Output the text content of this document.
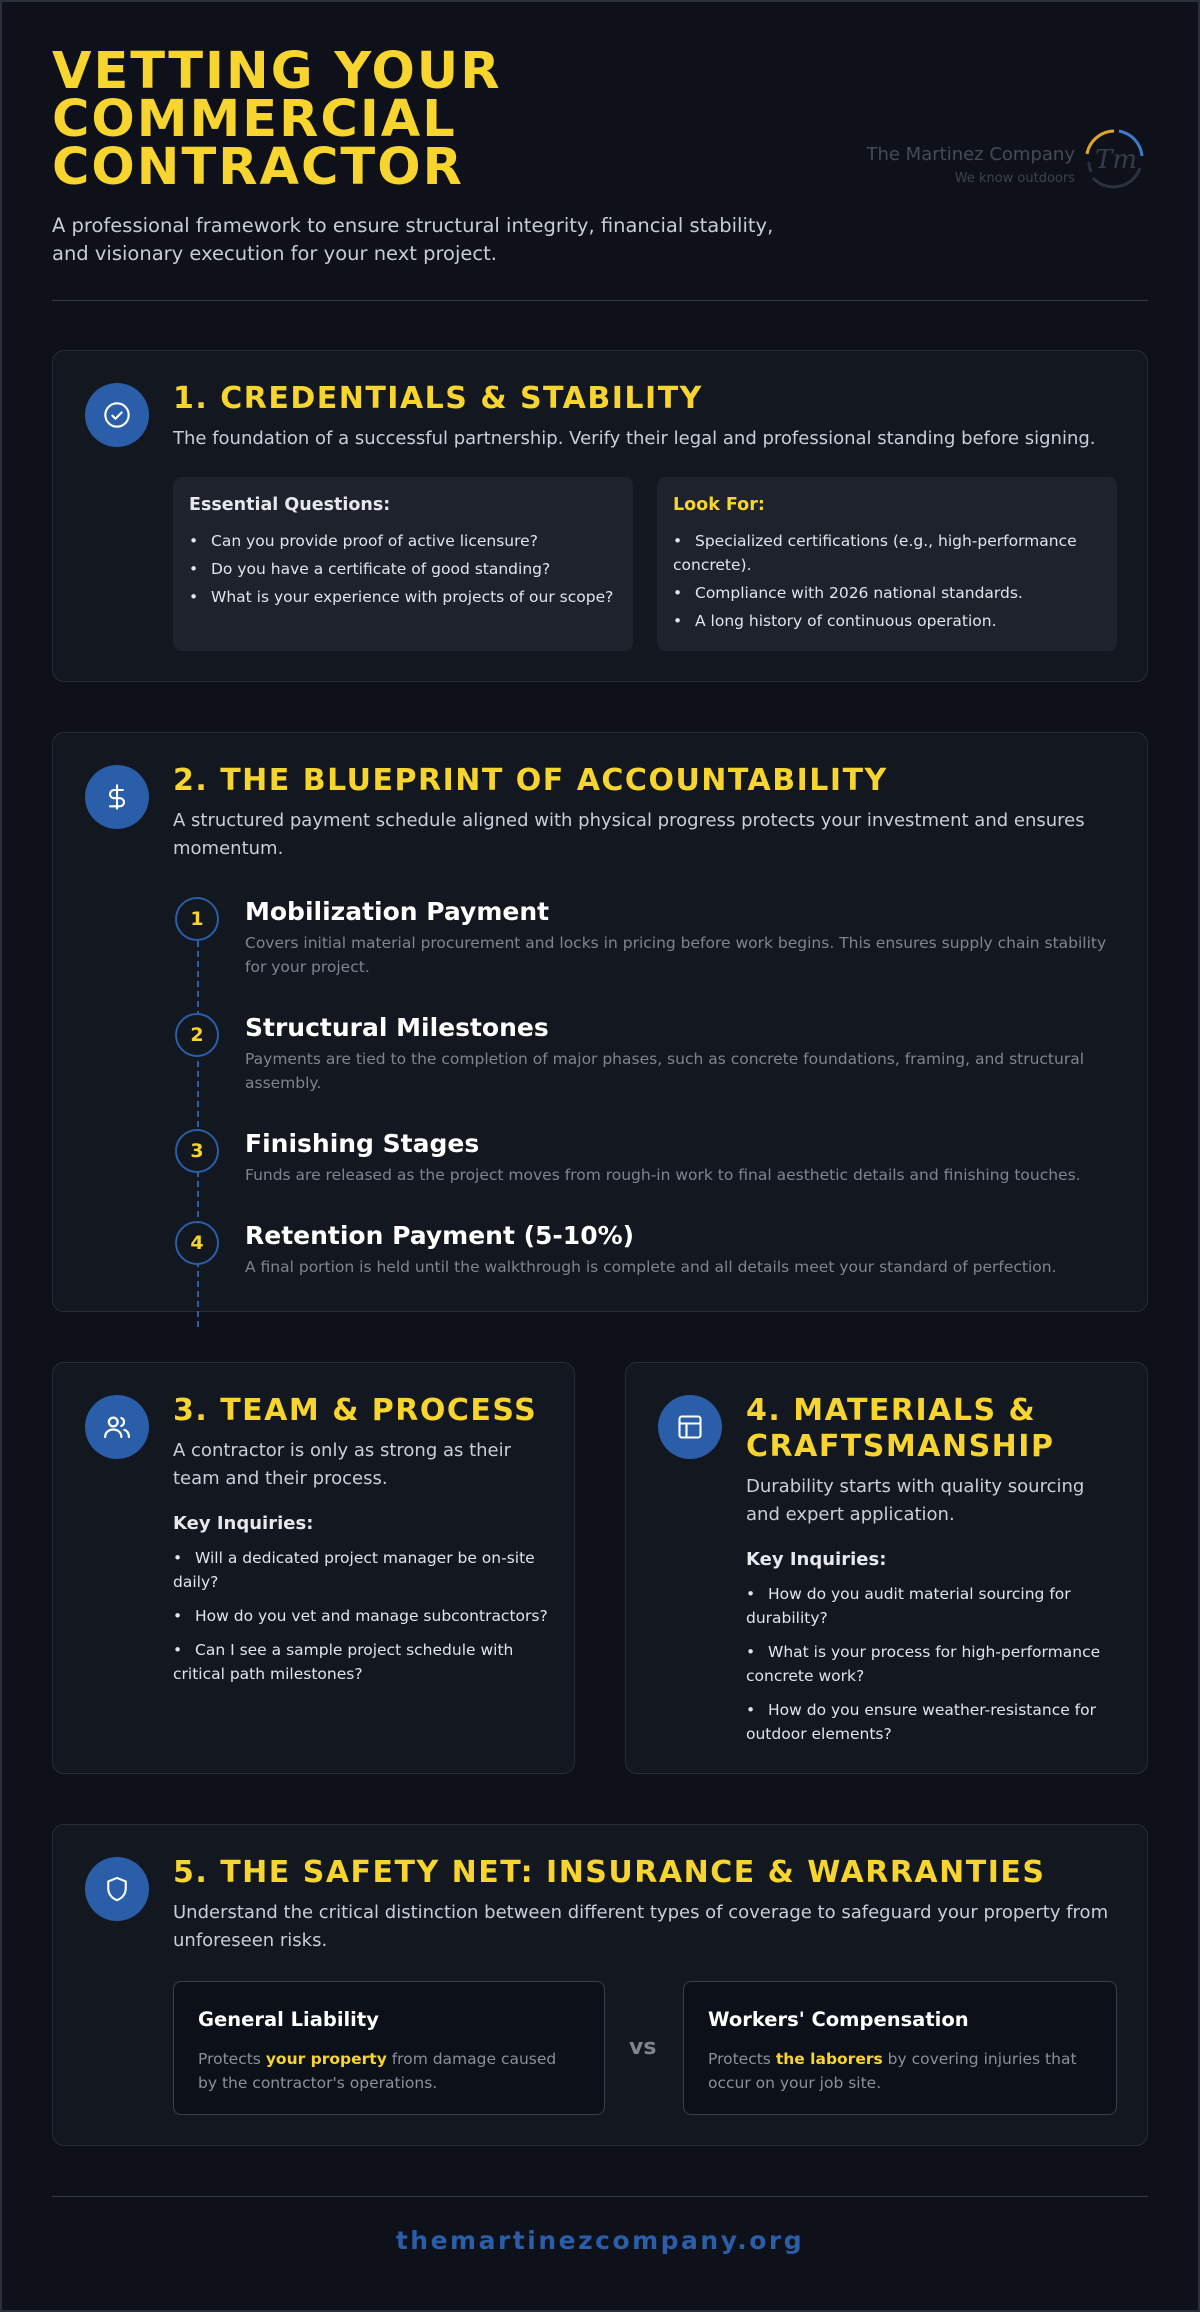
VETTING YOUR COMMERCIAL CONTRACTOR

A professional framework to ensure structural integrity, financial stability, and visionary execution for your next project.

The Martinez Company
We know outdoors
Tm
1. CREDENTIALS & STABILITY

The foundation of a successful partnership. Verify their legal and professional standing before signing.

Essential Questions:
• Can you provide proof of active licensure?
• Do you have a certificate of good standing?
• What is your experience with projects of our scope?
Look For:
• Specialized certifications (e.g., high-performance concrete).
• Compliance with 2026 national standards.
• A long history of continuous operation.
2. THE BLUEPRINT OF ACCOUNTABILITY

A structured payment schedule aligned with physical progress protects your investment and ensures momentum.

1	Mobilization Payment

Covers initial material procurement and locks in pricing before work begins. This ensures supply chain stability for your project.

2	Structural Milestones

Payments are tied to the completion of major phases, such as concrete foundations, framing, and structural assembly.

3	Finishing Stages

Funds are released as the project moves from rough-in work to final aesthetic details and finishing touches.

4	Retention Payment (5-10%)

A final portion is held until the walkthrough is complete and all details meet your standard of perfection.

3. TEAM & PROCESS

A contractor is only as strong as their team and their process.

Key Inquiries:
• Will a dedicated project manager be on-site daily?
• How do you vet and manage subcontractors?
• Can I see a sample project schedule with critical path milestones?
4. MATERIALS & CRAFTSMANSHIP

Durability starts with quality sourcing and expert application.

Key Inquiries:
• How do you audit material sourcing for durability?
• What is your process for high-performance concrete work?
• How do you ensure weather-resistance for outdoor elements?
5. THE SAFETY NET: INSURANCE & WARRANTIES

Understand the critical distinction between different types of coverage to safeguard your property from unforeseen risks.

General Liability

Protects your property from damage caused by the contractor's operations.

vs
Workers' Compensation

Protects the laborers by covering injuries that occur on your job site.

themartinezcompany.org
